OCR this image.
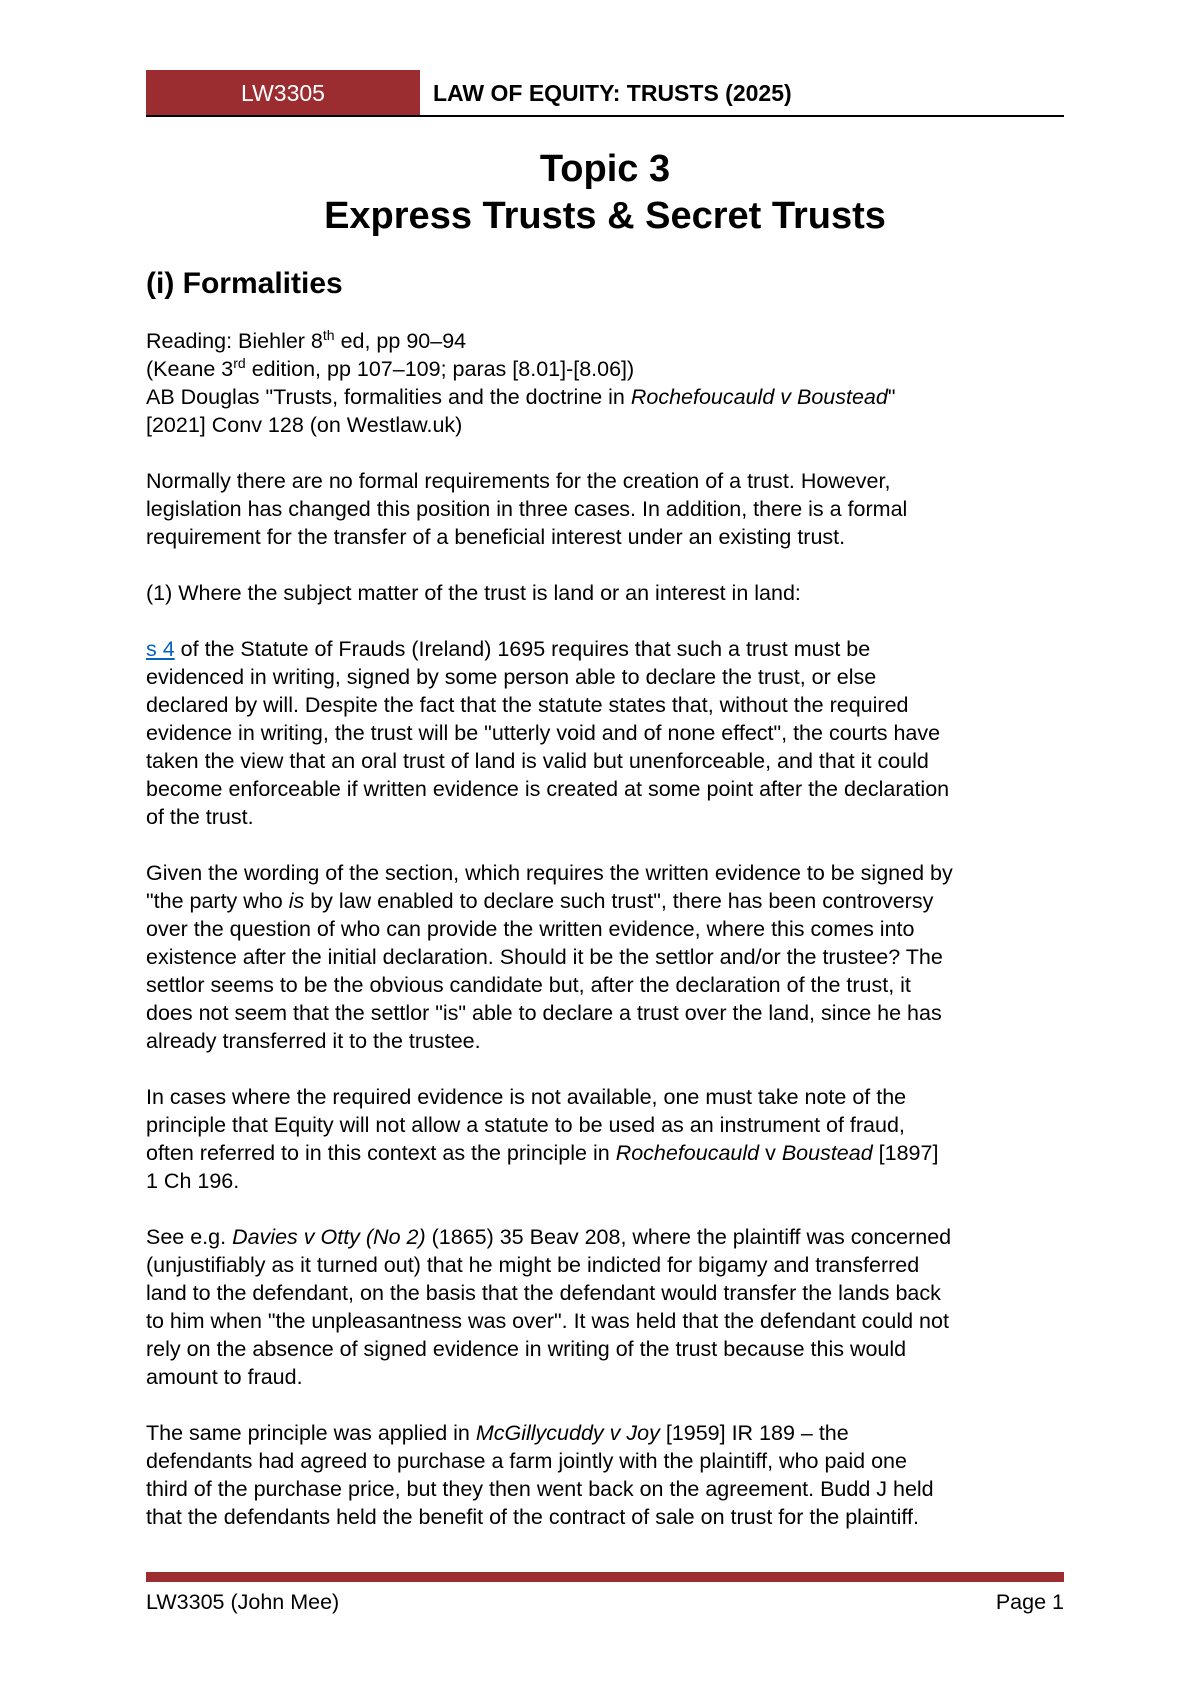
LW3305	LAW OF EQUITY: TRUSTS (2025)
Topic 3
Express Trusts & Secret Trusts
(i) Formalities

Reading: Biehler 8th ed, pp 90–94
(Keane 3rd edition, pp 107–109; paras [8.01]-[8.06])
AB Douglas "Trusts, formalities and the doctrine in Rochefoucauld v Boustead"
[2021] Conv 128 (on Westlaw.uk)

Normally there are no formal requirements for the creation of a trust. However,
legislation has changed this position in three cases. In addition, there is a formal
requirement for the transfer of a beneficial interest under an existing trust.

(1) Where the subject matter of the trust is land or an interest in land:

s 4 of the Statute of Frauds (Ireland) 1695 requires that such a trust must be
evidenced in writing, signed by some person able to declare the trust, or else
declared by will. Despite the fact that the statute states that, without the required
evidence in writing, the trust will be "utterly void and of none effect", the courts have
taken the view that an oral trust of land is valid but unenforceable, and that it could
become enforceable if written evidence is created at some point after the declaration
of the trust.

Given the wording of the section, which requires the written evidence to be signed by
"the party who is by law enabled to declare such trust", there has been controversy
over the question of who can provide the written evidence, where this comes into
existence after the initial declaration. Should it be the settlor and/or the trustee? The
settlor seems to be the obvious candidate but, after the declaration of the trust, it
does not seem that the settlor "is" able to declare a trust over the land, since he has
already transferred it to the trustee.

In cases where the required evidence is not available, one must take note of the
principle that Equity will not allow a statute to be used as an instrument of fraud,
often referred to in this context as the principle in Rochefoucauld v Boustead [1897]
1 Ch 196.

See e.g. Davies v Otty (No 2) (1865) 35 Beav 208, where the plaintiff was concerned
(unjustifiably as it turned out) that he might be indicted for bigamy and transferred
land to the defendant, on the basis that the defendant would transfer the lands back
to him when "the unpleasantness was over". It was held that the defendant could not
rely on the absence of signed evidence in writing of the trust because this would
amount to fraud.

The same principle was applied in McGillycuddy v Joy [1959] IR 189 – the
defendants had agreed to purchase a farm jointly with the plaintiff, who paid one
third of the purchase price, but they then went back on the agreement. Budd J held
that the defendants held the benefit of the contract of sale on trust for the plaintiff.

LW3305 (John Mee)	Page 1
